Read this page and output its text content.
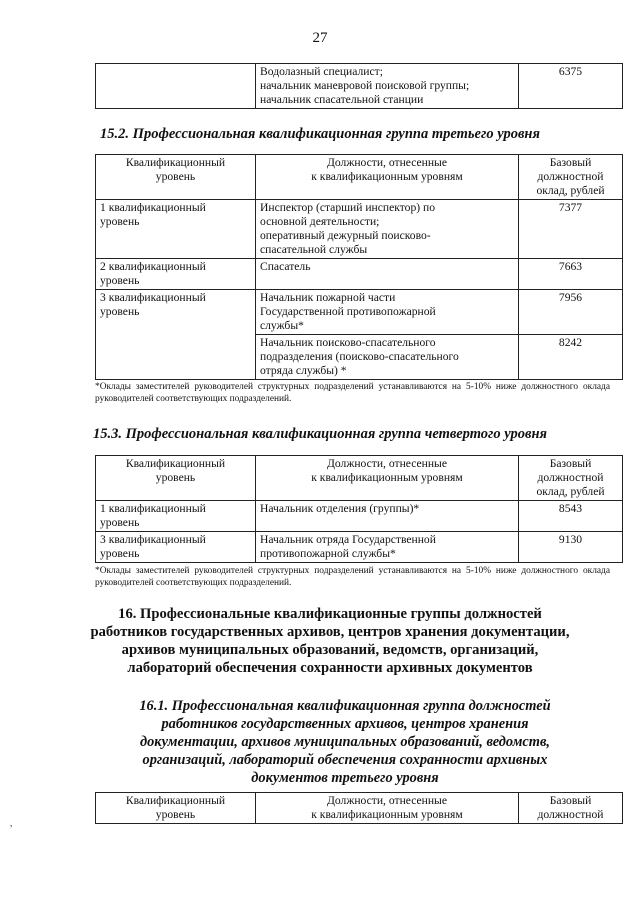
27

Водолазный специалист;
начальник маневровой поисковой группы;
начальник спасательной станции
	6375
15.2. Профессиональная квалификационная группа третьего уровня
Квалификационный
уровень	Должности, отнесенные
к квалификационным уровням	Базовый
должностной
оклад, рублей

1 квалификационный
уровень	Инспектор (старший инспектор) по
основной деятельности;
оперативный дежурный поисково-
спасательной службы	7377

2 квалификационный
уровень	Спасатель	7663

3 квалификационный
уровень	Начальник пожарной части
Государственной противопожарной
службы*	7956

	Начальник поисково-спасательного
подразделения (поисково-спасательного
отряда службы) *	8242
*Оклады заместителей руководителей структурных подразделений устанавливаются на 5-10% ниже должностного оклада руководителей соответствующих подразделений.
15.3. Профессиональная квалификационная группа четвертого уровня
Квалификационный
уровень	Должности, отнесенные
к квалификационным уровням	Базовый
должностной
оклад, рублей

1 квалификационный
уровень	Начальник отделения (группы)*	8543

3 квалификационный
уровень	Начальник отряда Государственной
противопожарной службы*	9130
*Оклады заместителей руководителей структурных подразделений устанавливаются на 5-10% ниже должностного оклада руководителей соответствующих подразделений.
16. Профессиональные квалификационные группы должностей
работников государственных архивов, центров хранения документации,
архивов муниципальных образований, ведомств, организаций,
лабораторий обеспечения сохранности архивных документов
16.1. Профессиональная квалификационная группа должностей
работников государственных архивов, центров хранения
документации, архивов муниципальных образований, ведомств,
организаций, лабораторий обеспечения сохранности архивных
документов третьего уровня
Квалификационный
уровень

Должности, отнесенные
к квалификационным уровням

Базовый
должностной
,
